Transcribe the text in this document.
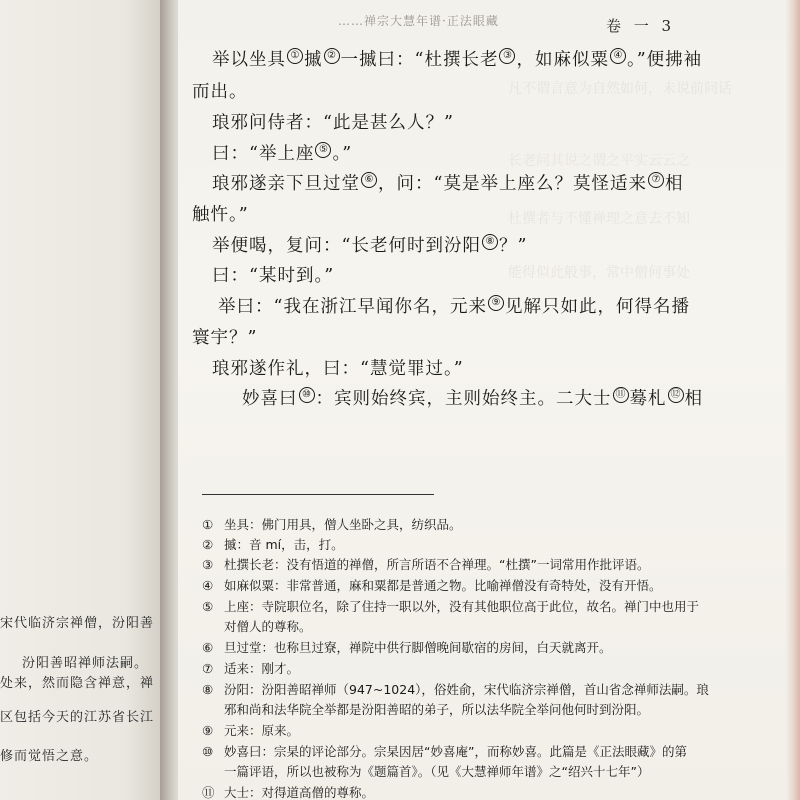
宋代临济宗禅僧，汾阳善
汾阳善昭禅师法嗣。
处来，然而隐含禅意，禅
区包括今天的江苏省长江
修而觉悟之意。
凡不谓言意为自然如何，未说前问话
长老问其说之谓之平实云云之
杜撰者与不懂禅理之意去不知
能得似此般事，常中僧何事处
……禅宗大慧年谱·正法眼藏	卷 一 3
举以坐具 ① 摵 ② 一摵曰：“杜撰长老 ③ ，如麻似粟 ④ 。”便拂袖
而出。
琅邪问侍者：“此是甚么人？”
曰：“举上座 ⑤ 。”
琅邪遂亲下旦过堂 ⑥ ，问：“莫是举上座么？莫怪适来 ⑦ 相
触忤。”
举便喝，复问：“长老何时到汾阳 ⑧ ？”
曰：“某时到。”
举曰：“我在浙江早闻你名，元来 ⑨ 见解只如此，何得名播
寰宇？”
琅邪遂作礼，曰：“慧觉罪过。”
妙喜曰 ⑩ ：宾则始终宾，主则始终主。二大士 ⑪ 蓦札 ⑫ 相
① 坐具：佛门用具，僧人坐卧之具，纺织品。
② 摵：音 mí，击，打。
③ 杜撰长老：没有悟道的禅僧，所言所语不合禅理。“杜撰”一词常用作批评语。
④ 如麻似粟：非常普通，麻和粟都是普通之物。比喻禅僧没有奇特处，没有开悟。
⑤ 上座：寺院职位名，除了住持一职以外，没有其他职位高于此位，故名。禅门中也用于
对僧人的尊称。
⑥ 旦过堂：也称旦过寮，禅院中供行脚僧晚间歇宿的房间，白天就离开。
⑦ 适来：刚才。
⑧ 汾阳：汾阳善昭禅师（947~1024），俗姓俞，宋代临济宗禅僧，首山省念禅师法嗣。琅
邪和尚和法华院全举都是汾阳善昭的弟子，所以法华院全举问他何时到汾阳。
⑨ 元来：原来。
⑩ 妙喜曰：宗杲的评论部分。宗杲因居“妙喜庵”，而称妙喜。此篇是《正法眼藏》的第
一篇评语，所以也被称为《题篇首》。（见《大慧禅师年谱》之“绍兴十七年”）
⑪ 大士：对得道高僧的尊称。
